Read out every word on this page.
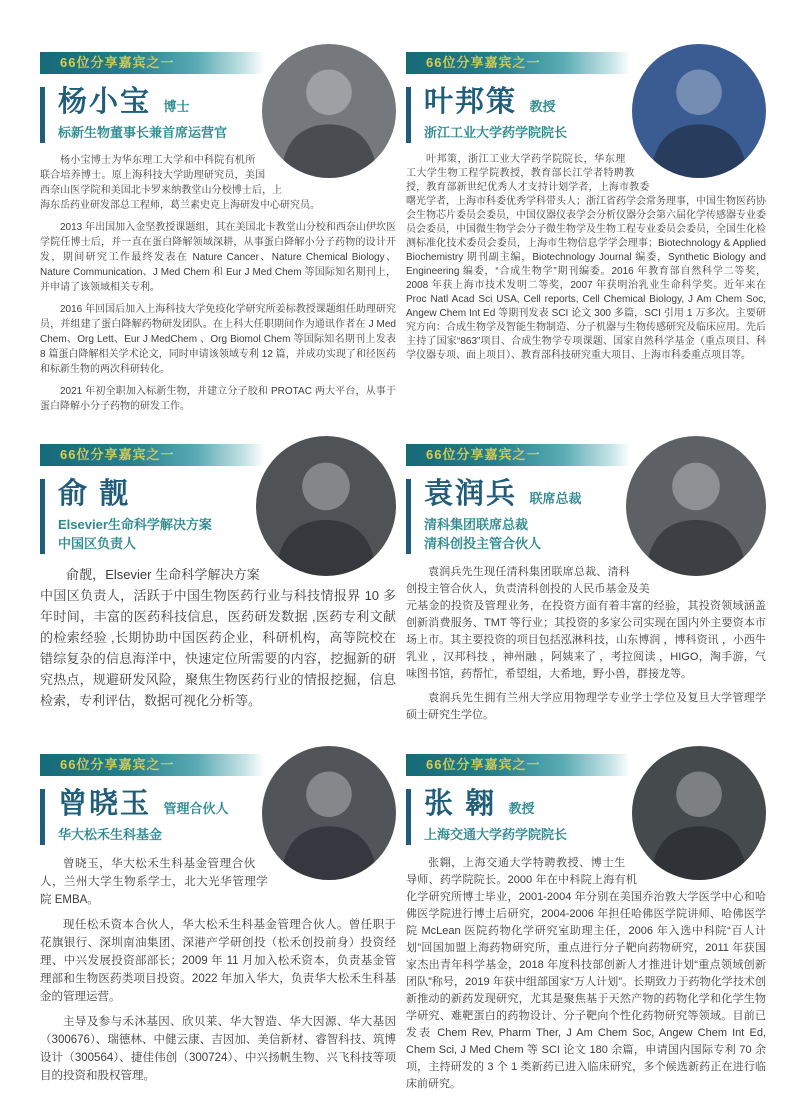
66位分享嘉宾之一
杨小宝 博士
标新生物董事长兼首席运营官

杨小宝博士为华东理工大学和中科院有机所联合培养博士。原上海科技大学助理研究员，美国西奈山医学院和美国北卡罗来纳教堂山分校博士后，上海东岳药业研发部总工程师，葛兰素史克上海研发中心研究员。

2013 年出国加入金坚教授课题组，其在美国北卡教堂山分校和西奈山伊坎医学院任博士后，并一直在蛋白降解领域深耕，从事蛋白降解小分子药物的设计开发，期间研究工作最终发表在 Nature Cancer、Nature Chemical Biology、Nature Communication、J Med Chem 和 Eur J Med Chem 等国际知名期刊上，并申请了该领域相关专利。

2016 年回国后加入上海科技大学免疫化学研究所姜标教授课题组任助理研究员，并组建了蛋白降解药物研发团队。在上科大任职期间作为通讯作者在 J Med Chem、Org Lett、Eur J MedChem 、Org Biomol Chem 等国际知名期刊上发表 8 篇蛋白降解相关学术论文，同时申请该领域专利 12 篇，并成功实现了和径医药和标新生物的两次科研转化。

2021 年初全职加入标新生物，并建立分子胶和 PROTAC 两大平台，从事于蛋白降解小分子药物的研发工作。

66位分享嘉宾之一
叶邦策 教授
浙江工业大学药学院院长

叶邦策，浙江工业大学药学院院长，华东理工大学生物工程学院教授，教育部长江学者特聘教授，教育部新世纪优秀人才支持计划学者，上海市教委曙光学者，上海市科委优秀学科带头人；浙江省药学会常务理事，中国生物医药协会生物芯片委员会委员，中国仪器仪表学会分析仪器分会第六届化学传感器专业委员会委员，中国微生物学会分子微生物学及生物工程专业委员会委员，全国生化检测标准化技术委员会委员，上海市生物信息学学会理事；Biotechnology & Applied Biochemistry 期刊副主编，Biotechnology Journal 编委，Synthetic Biology and Engineering 编委，“合成生物学”期刊编委。2016 年教育部自然科学二等奖，2008 年获上海市技术发明二等奖，2007 年获明治乳业生命科学奖。近年来在 Proc Natl Acad Sci USA, Cell reports, Cell Chemical Biology, J Am Chem Soc, Angew Chem Int Ed 等期刊发表 SCI 论文 300 多篇，SCI 引用 1 万多次。主要研究方向：合成生物学及智能生物制造、分子机器与生物传感研究及临床应用。先后主持了国家“863”项目、合成生物学专项课题、国家自然科学基金（重点项目、科学仪器专项、面上项目）、教育部科技研究重大项目、上海市科委重点项目等。

66位分享嘉宾之一
俞 靓
Elsevier生命科学解决方案
中国区负责人

俞靓，Elsevier 生命科学解决方案中国区负责人，活跃于中国生物医药行业与科技情报界 10 多年时间，丰富的医药科技信息，医药研发数据 ,医药专利文献的检索经验 ,长期协助中国医药企业，科研机构，高等院校在错综复杂的信息海洋中，快速定位所需要的内容，挖掘新的研究热点，规避研发风险，聚焦生物医药行业的情报挖掘，信息检索，专利评估，数据可视化分析等。

66位分享嘉宾之一
袁润兵 联席总裁
清科集团联席总裁
清科创投主管合伙人

袁润兵先生现任清科集团联席总裁、清科创投主管合伙人，负责清科创投的人民币基金及美元基金的投资及管理业务，在投资方面有着丰富的经验，其投资领域涵盖创新消费服务、TMT 等行业；其投资的多家公司实现在国内外主要资本市场上市。其主要投资的项目包括泓淋科技，山东博润 ，博科资讯 ，小西牛乳业 ，汉邦科技 ，神州融 ，阿姨来了 ，考拉阅读 ，HIGO，淘手游，气味图书馆，药帮忙，希望组，大希地，野小兽，群接龙等。

袁润兵先生拥有兰州大学应用物理学专业学士学位及复旦大学管理学硕士研究生学位。

66位分享嘉宾之一
曾晓玉 管理合伙人
华大松禾生科基金

曾晓玉，华大松禾生科基金管理合伙人，兰州大学生物系学士，北大光华管理学院 EMBA。

现任松禾资本合伙人，华大松禾生科基金管理合伙人。曾任职于花旗银行、深圳南油集团、深港产学研创投（松禾创投前身）投资经理、中兴发展投资部部长；2009 年 11 月加入松禾资本，负责基金管理部和生物医药类项目投资。2022 年加入华大，负责华大松禾生科基金的管理运营。

主导及参与禾沐基因、欣贝莱、华大智造、华大因源、华大基因（300676）、瑞德林、中健云康、吉因加、美信新材、睿智科技、筑博设计（300564）、捷佳伟创（300724）、中兴扬帆生物、兴飞科技等项目的投资和股权管理。

66位分享嘉宾之一
张 翱 教授
上海交通大学药学院院长

张翱，上海交通大学特聘教授、博士生导师、药学院院长。2000 年在中科院上海有机化学研究所博士毕业，2001-2004 年分别在美国乔治敦大学医学中心和哈佛医学院进行博士后研究，2004-2006 年担任哈佛医学院讲师、哈佛医学院 McLean 医院药物化学研究室助理主任，2006 年入选中科院“百人计划”回国加盟上海药物研究所，重点进行分子靶向药物研究，2011 年获国家杰出青年科学基金，2018 年度科技部创新人才推进计划“重点领域创新团队”称号，2019 年获中组部国家“万人计划”。长期致力于药物化学技术创新推动的新药发现研究，尤其是聚焦基于天然产物的药物化学和化学生物学研究、难靶蛋白的药物设计、分子靶向个性化药物研究等领域。目前已发表 Chem Rev, Pharm Ther, J Am Chem Soc, Angew Chem Int Ed, Chem Sci, J Med Chem 等 SCI 论文 180 余篇，申请国内国际专利 70 余项，主持研发的 3 个 1 类新药已进入临床研究，多个候选新药正在进行临床前研究。
